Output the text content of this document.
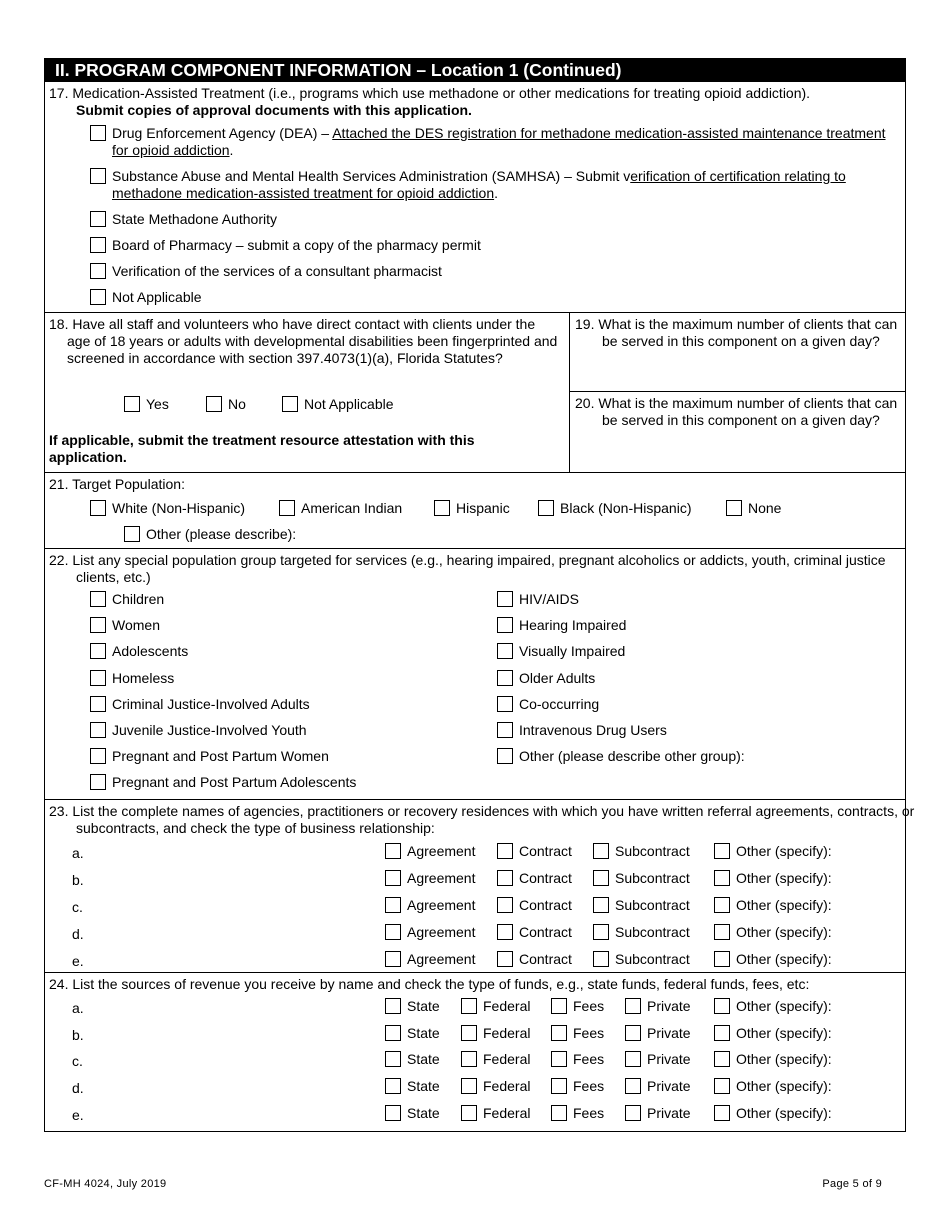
II. PROGRAM COMPONENT INFORMATION – Location 1 (Continued)
17. Medication-Assisted Treatment (i.e., programs which use methadone or other medications for treating opioid addiction).
Submit copies of approval documents with this application.
Drug Enforcement Agency (DEA) – Attached the DES registration for methadone medication-assisted maintenance treatment for opioid addiction.
Substance Abuse and Mental Health Services Administration (SAMHSA) – Submit verification of certification relating to methadone medication-assisted treatment for opioid addiction.
State Methadone Authority
Board of Pharmacy – submit a copy of the pharmacy permit
Verification of the services of a consultant pharmacist
Not Applicable
18. Have all staff and volunteers who have direct contact with clients under the age of 18 years or adults with developmental disabilities been fingerprinted and screened in accordance with section 397.4073(1)(a), Florida Statutes?
Yes	No	Not Applicable
If applicable, submit the treatment resource attestation with this application.
19. What is the maximum number of clients that can be served in this component on a given day?
20. What is the maximum number of clients that can be served in this component on a given day?
21. Target Population:
White (Non-Hispanic)	American Indian	Hispanic	Black (Non-Hispanic)	None
Other (please describe):
22. List any special population group targeted for services (e.g., hearing impaired, pregnant alcoholics or addicts, youth, criminal justice clients, etc.)
Children
Women
Adolescents
Homeless
Criminal Justice-Involved Adults
Juvenile Justice-Involved Youth
Pregnant and Post Partum Women
Pregnant and Post Partum Adolescents
HIV/AIDS
Hearing Impaired
Visually Impaired
Older Adults
Co-occurring
Intravenous Drug Users
Other (please describe other group):
23. List the complete names of agencies, practitioners or recovery residences with which you have written referral agreements, contracts, or subcontracts, and check the type of business relationship:
a.	Agreement	Contract	Subcontract	Other (specify):
b.	Agreement	Contract	Subcontract	Other (specify):
c.	Agreement	Contract	Subcontract	Other (specify):
d.	Agreement	Contract	Subcontract	Other (specify):
e.	Agreement	Contract	Subcontract	Other (specify):
24. List the sources of revenue you receive by name and check the type of funds, e.g., state funds, federal funds, fees, etc:
a.	State	Federal	Fees	Private	Other (specify):
b.	State	Federal	Fees	Private	Other (specify):
c.	State	Federal	Fees	Private	Other (specify):
d.	State	Federal	Fees	Private	Other (specify):
e.	State	Federal	Fees	Private	Other (specify):
CF-MH 4024, July 2019	Page 5 of 9
